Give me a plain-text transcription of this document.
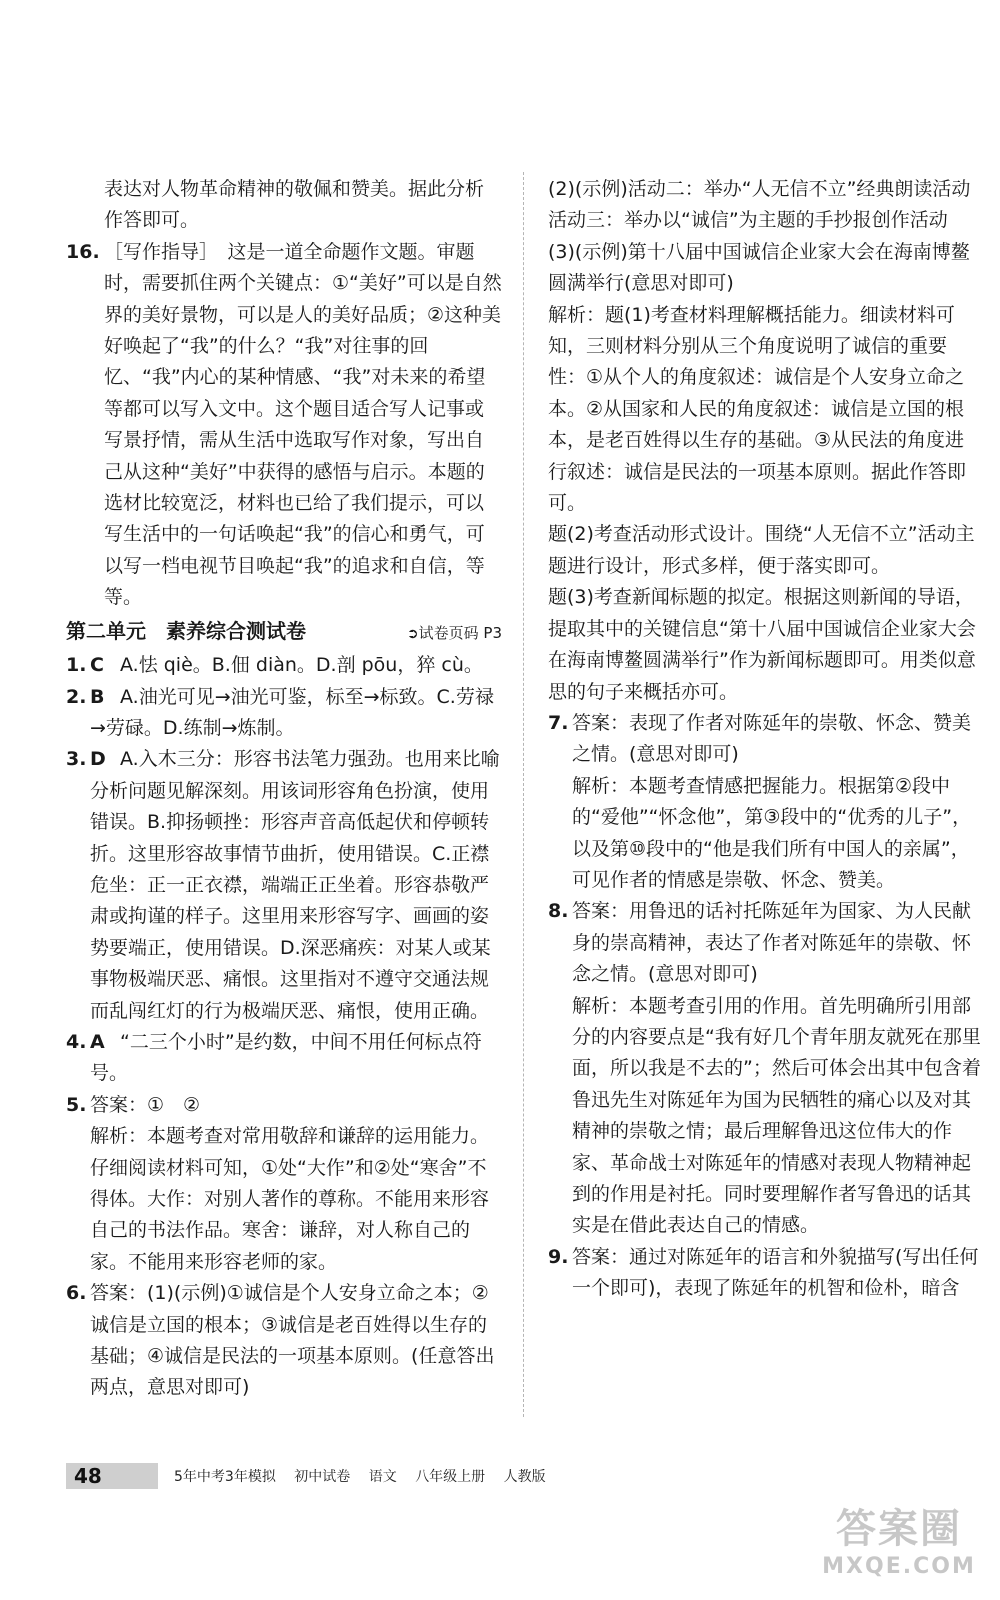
表达对人物革命精神的敬佩和赞美。据此分析

作答即可。

16. ［写作指导］　这是一道全命题作文题。审题时，需要抓住两个关键点：①“美好”可以是自然界的美好景物，可以是人的美好品质；②这种美好唤起了“我”的什么？“我”对往事的回忆、“我”内心的某种情感、“我”对未来的希望等都可以写入文中。这个题目适合写人记事或写景抒情，需从生活中选取写作对象，写出自己从这种“美好”中获得的感悟与启示。本题的选材比较宽泛，材料也已给了我们提示，可以写生活中的一句话唤起“我”的信心和勇气，可以写一档电视节目唤起“我”的追求和自信，等等。
第二单元　素养综合测试卷	➲试卷页码 P3
1. C A.怯 qiè。B.佃 diàn。D.剖 pōu，猝 cù。
2. B A.油光可见→油光可鉴，标至→标致。C.劳禄→劳碌。D.练制→炼制。
3. D A.入木三分：形容书法笔力强劲。也用来比喻分析问题见解深刻。用该词形容角色扮演，使用错误。B.抑扬顿挫：形容声音高低起伏和停顿转折。这里形容故事情节曲折，使用错误。C.正襟危坐：正一正衣襟，端端正正坐着。形容恭敬严肃或拘谨的样子。这里用来形容写字、画画的姿势要端正，使用错误。D.深恶痛疾：对某人或某事物极端厌恶、痛恨。这里指对不遵守交通法规而乱闯红灯的行为极端厌恶、痛恨，使用正确。
4. A “二三个小时”是约数，中间不用任何标点符号。
5. 答案：①　②
解析：本题考查对常用敬辞和谦辞的运用能力。仔细阅读材料可知，①处“大作”和②处“寒舍”不得体。大作：对别人著作的尊称。不能用来形容自己的书法作品。寒舍：谦辞，对人称自己的家。不能用来形容老师的家。
6. 答案：(1)(示例)①诚信是个人安身立命之本；②诚信是立国的根本；③诚信是老百姓得以生存的基础；④诚信是民法的一项基本原则。(任意答出两点，意思对即可)

(2)(示例)活动二：举办“人无信不立”经典朗读活动　活动三：举办以“诚信”为主题的手抄报创作活动

(3)(示例)第十八届中国诚信企业家大会在海南博鳌圆满举行(意思对即可)

解析：题(1)考查材料理解概括能力。细读材料可知，三则材料分别从三个角度说明了诚信的重要性：①从个人的角度叙述：诚信是个人安身立命之本。②从国家和人民的角度叙述：诚信是立国的根本，是老百姓得以生存的基础。③从民法的角度进行叙述：诚信是民法的一项基本原则。据此作答即可。

题(2)考查活动形式设计。围绕“人无信不立”活动主题进行设计，形式多样，便于落实即可。

题(3)考查新闻标题的拟定。根据这则新闻的导语，提取其中的关键信息“第十八届中国诚信企业家大会在海南博鳌圆满举行”作为新闻标题即可。用类似意思的句子来概括亦可。

7. 答案：表现了作者对陈延年的崇敬、怀念、赞美之情。(意思对即可)
解析：本题考查情感把握能力。根据第②段中的“爱他”“怀念他”，第③段中的“优秀的儿子”，以及第⑩段中的“他是我们所有中国人的亲属”，可见作者的情感是崇敬、怀念、赞美。
8. 答案：用鲁迅的话衬托陈延年为国家、为人民献身的崇高精神，表达了作者对陈延年的崇敬、怀念之情。(意思对即可)
解析：本题考查引用的作用。首先明确所引用部分的内容要点是“我有好几个青年朋友就死在那里面，所以我是不去的”；然后可体会出其中包含着鲁迅先生对陈延年为国为民牺牲的痛心以及对其精神的崇敬之情；最后理解鲁迅这位伟大的作家、革命战士对陈延年的情感对表现人物精神起到的作用是衬托。同时要理解作者写鲁迅的话其实是在借此表达自己的情感。
9. 答案：通过对陈延年的语言和外貌描写(写出任何一个即可)，表现了陈延年的机智和俭朴，暗含
48	5年中考3年模拟 初中试卷 语文 八年级上册 人教版
答案圈
MXQE.COM
